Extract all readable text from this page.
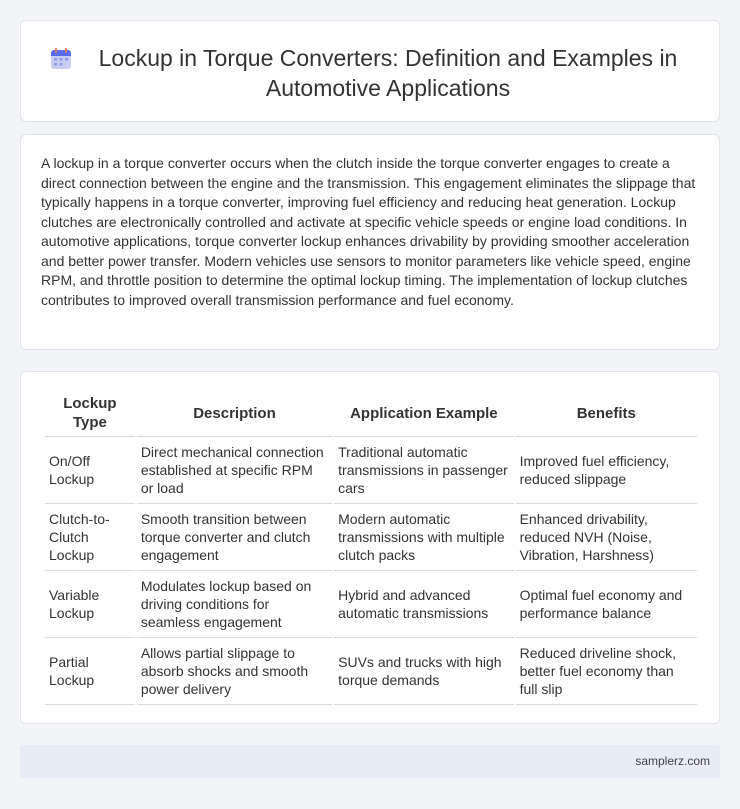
Lockup in Torque Converters: Definition and Examples in Automotive Applications

A lockup in a torque converter occurs when the clutch inside the torque converter engages to create a direct connection between the engine and the transmission. This engagement eliminates the slippage that typically happens in a torque converter, improving fuel efficiency and reducing heat generation. Lockup clutches are electronically controlled and activate at specific vehicle speeds or engine load conditions. In automotive applications, torque converter lockup enhances drivability by providing smoother acceleration and better power transfer. Modern vehicles use sensors to monitor parameters like vehicle speed, engine RPM, and throttle position to determine the optimal lockup timing. The implementation of lockup clutches contributes to improved overall transmission performance and fuel economy.

Lockup Type	Description	Application Example	Benefits
On/Off Lockup	Direct mechanical connection established at specific RPM or load	Traditional automatic transmissions in passenger cars	Improved fuel efficiency, reduced slippage
Clutch-to-Clutch Lockup	Smooth transition between torque converter and clutch engagement	Modern automatic transmissions with multiple clutch packs	Enhanced drivability, reduced NVH (Noise, Vibration, Harshness)
Variable Lockup	Modulates lockup based on driving conditions for seamless engagement	Hybrid and advanced automatic transmissions	Optimal fuel economy and performance balance
Partial Lockup	Allows partial slippage to absorb shocks and smooth power delivery	SUVs and trucks with high torque demands	Reduced driveline shock, better fuel economy than full slip
samplerz.com
